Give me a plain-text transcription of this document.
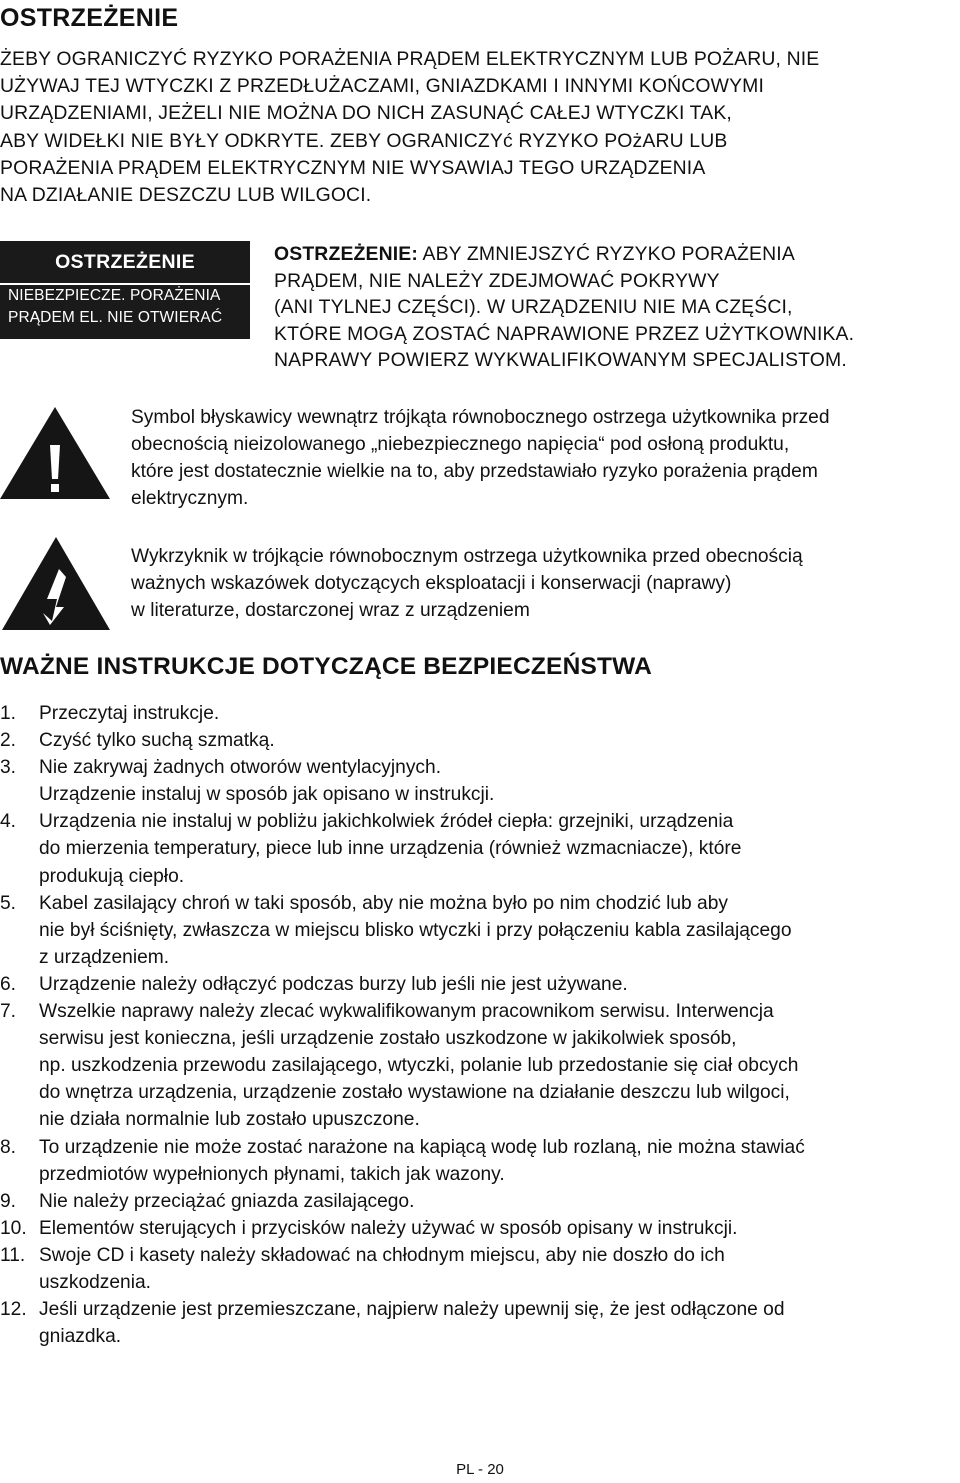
OSTRZEŻENIE
ŻEBY OGRANICZYĆ RYZYKO PORAŻENIA PRĄDEM ELEKTRYCZNYM LUB POŻARU, NIE
UŻYWAJ TEJ WTYCZKI Z PRZEDŁUŻACZAMI, GNIAZDKAMI I INNYMI KOŃCOWYMI
URZĄDZENIAMI, JEŻELI NIE MOŻNA DO NICH ZASUNĄĆ CAŁEJ WTYCZKI TAK,
ABY WIDEŁKI NIE BYŁY ODKRYTE. ZEBY OGRANICZYć RYZYKO POżARU LUB
PORAŻENIA PRĄDEM ELEKTRYCZNYM NIE WYSAWIAJ TEGO URZĄDZENIA
NA DZIAŁANIE DESZCZU LUB WILGOCI.
OSTRZEŻENIE
NIEBEZPIECZE. PORAŻENIA
PRĄDEM EL. NIE OTWIERAĆ
OSTRZEŻENIE: ABY ZMNIEJSZYĆ RYZYKO PORAŻENIA
PRĄDEM, NIE NALEŻY ZDEJMOWAĆ POKRYWY
(ANI TYLNEJ CZĘŚCI). W URZĄDZENIU NIE MA CZĘŚCI,
KTÓRE MOGĄ ZOSTAĆ NAPRAWIONE PRZEZ UŻYTKOWNIKA.
NAPRAWY POWIERZ WYKWALIFIKOWANYM SPECJALISTOM.
Symbol błyskawicy wewnątrz trójkąta równobocznego ostrzega użytkownika przed
obecnością nieizolowanego „niebezpiecznego napięcia“ pod osłoną produktu,
które jest dostatecznie wielkie na to, aby przedstawiało ryzyko porażenia prądem
elektrycznym.
Wykrzyknik w trójkącie równobocznym ostrzega użytkownika przed obecnością
ważnych wskazówek dotyczących eksploatacji i konserwacji (naprawy)
w literaturze, dostarczonej wraz z urządzeniem
WAŻNE INSTRUKCJE DOTYCZĄCE BEZPIECZEŃSTWA
1. Przeczytaj instrukcje.
2. Czyść tylko suchą szmatką.
3. Nie zakrywaj żadnych otworów wentylacyjnych.
Urządzenie instaluj w sposób jak opisano w instrukcji.
4. Urządzenia nie instaluj w pobliżu jakichkolwiek źródeł ciepła: grzejniki, urządzenia
do mierzenia temperatury, piece lub inne urządzenia (również wzmacniacze), które
produkują ciepło.
5. Kabel zasilający chroń w taki sposób, aby nie można było po nim chodzić lub aby
nie był ściśnięty, zwłaszcza w miejscu blisko wtyczki i przy połączeniu kabla zasilającego
z urządzeniem.
6. Urządzenie należy odłączyć podczas burzy lub jeśli nie jest używane.
7. Wszelkie naprawy należy zlecać wykwalifikowanym pracownikom serwisu. Interwencja
serwisu jest konieczna, jeśli urządzenie zostało uszkodzone w jakikolwiek sposób,
np. uszkodzenia przewodu zasilającego, wtyczki, polanie lub przedostanie się ciał obcych
do wnętrza urządzenia, urządzenie zostało wystawione na działanie deszczu lub wilgoci,
nie działa normalnie lub zostało upuszczone.
8. To urządzenie nie może zostać narażone na kapiącą wodę lub rozlaną, nie można stawiać
przedmiotów wypełnionych płynami, takich jak wazony.
9. Nie należy przeciążać gniazda zasilającego.
10. Elementów sterujących i przycisków należy używać w sposób opisany w instrukcji.
11. Swoje CD i kasety należy składować na chłodnym miejscu, aby nie doszło do ich
uszkodzenia.
12. Jeśli urządzenie jest przemieszczane, najpierw należy upewnij się, że jest odłączone od
gniazdka.
PL - 20
